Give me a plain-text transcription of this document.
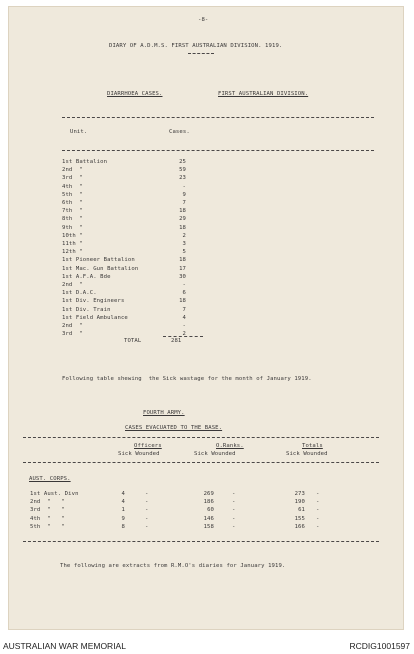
-8-
DIARY OF A.D.M.S. FIRST AUSTRALIAN DIVISION. 1919.
DIARRHOEA CASES.	FIRST AUSTRALIAN DIVISION.
Unit.	Cases.
1st Battalion	25
2nd  "	59
3rd  "	23
4th  "	-
5th  "	9
6th  "	7
7th  "	18
8th  "	29
9th  "	18
10th "	2
11th "	3
12th "	5
1st Pioneer Battalion	18
1st Mac. Gun Battalion	17
1st A.F.A. Bde	30
2nd  "	-
1st D.A.C.	6
1st Div. Engineers	18
1st Div. Train	7
1st Field Ambulance	4
2nd  "	-
3rd  "	2
TOTAL	281
Following table shewing  the Sick wastage for the month of January 1919.
FOURTH ARMY.
CASES EVACUATED TO THE BASE.
Officers	O.Ranks.	Totals
Sick Wounded	Sick Wounded	Sick Wounded
AUST. CORPS.
1st Aust. Divn	4	-	269	-	273 -
2nd  "   "	4	-	186	-	190 -
3rd  "   "	1	-	60	-	61 -
4th  "   "	9	-	146	-	155 -
5th  "   "	8	-	158	-	166 -
The following are extracts from R.M.O's diaries for January 1919.
AUSTRALIAN WAR MEMORIAL	RCDIG1001597
